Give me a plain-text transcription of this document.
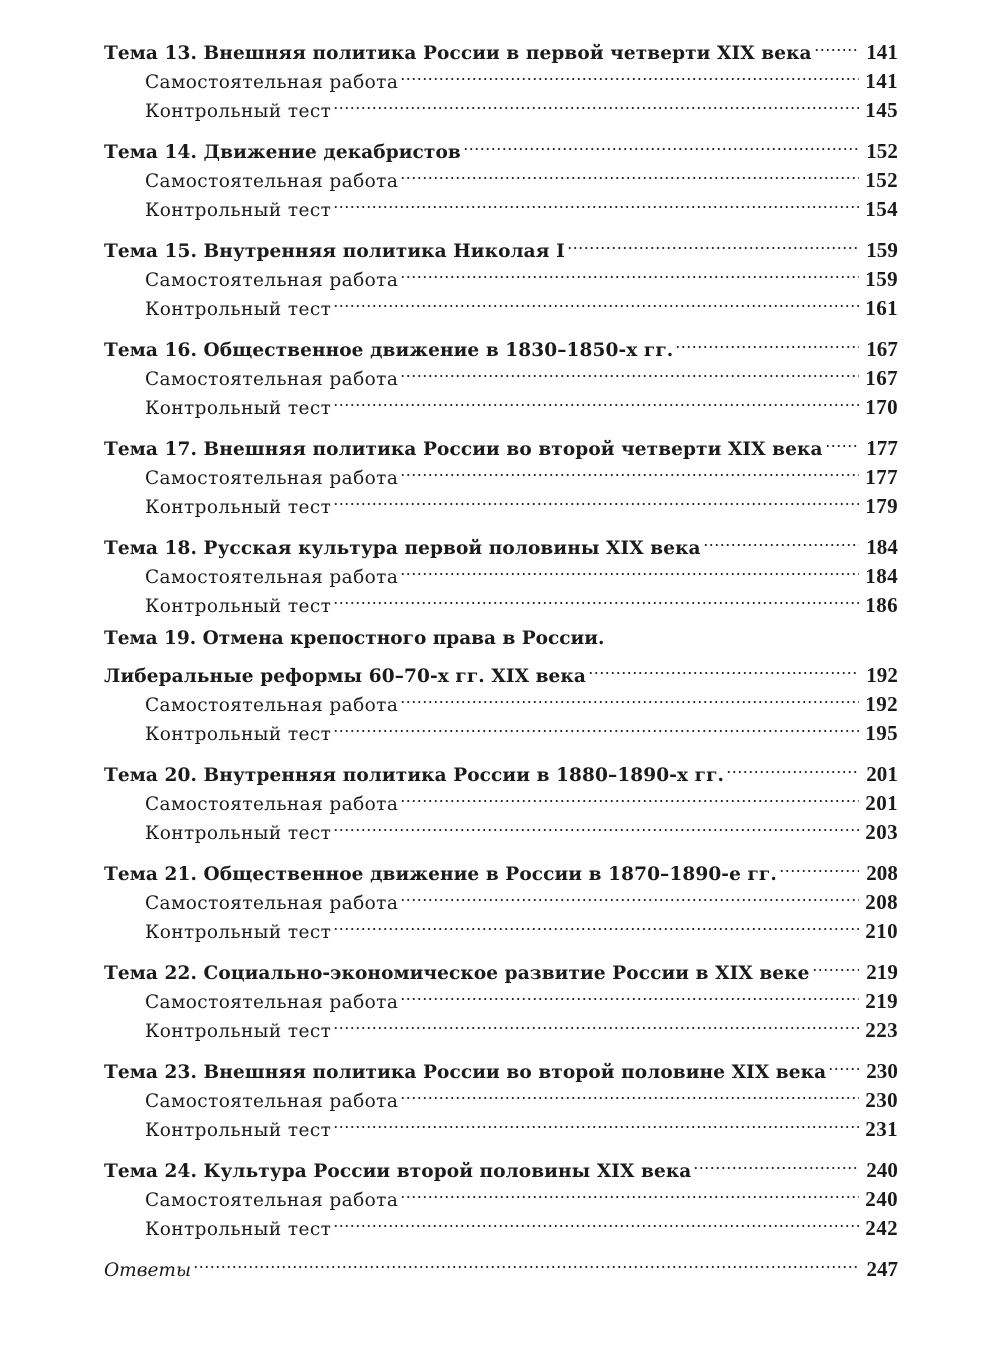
Тема 13. Внешняя политика России в первой четверти XIX века	141
Самостоятельная работа	141
Контрольный тест	145
Тема 14. Движение декабристов	152
Самостоятельная работа	152
Контрольный тест	154
Тема 15. Внутренняя политика Николая I	159
Самостоятельная работа	159
Контрольный тест	161
Тема 16. Общественное движение в 1830–1850-х гг.	167
Самостоятельная работа	167
Контрольный тест	170
Тема 17. Внешняя политика России во второй четверти XIX века 177
Самостоятельная работа	177
Контрольный тест	179
Тема 18. Русская культура первой половины XIX века	184
Самостоятельная работа	184
Контрольный тест	186
Тема 19. Отмена крепостного права в России.
Либеральные реформы 60–70-х гг. XIX века	192
Самостоятельная работа	192
Контрольный тест	195
Тема 20. Внутренняя политика России в 1880–1890-х гг.	201
Самостоятельная работа	201
Контрольный тест	203
Тема 21. Общественное движение в России в 1870–1890-е гг.	208
Самостоятельная работа	208
Контрольный тест	210
Тема 22. Социально-экономическое развитие России в XIX веке	219
Самостоятельная работа	219
Контрольный тест	223
Тема 23. Внешняя политика России во второй половине XIX века 230
Самостоятельная работа	230
Контрольный тест	231
Тема 24. Культура России второй половины XIX века	240
Самостоятельная работа	240
Контрольный тест	242
Ответы	247
